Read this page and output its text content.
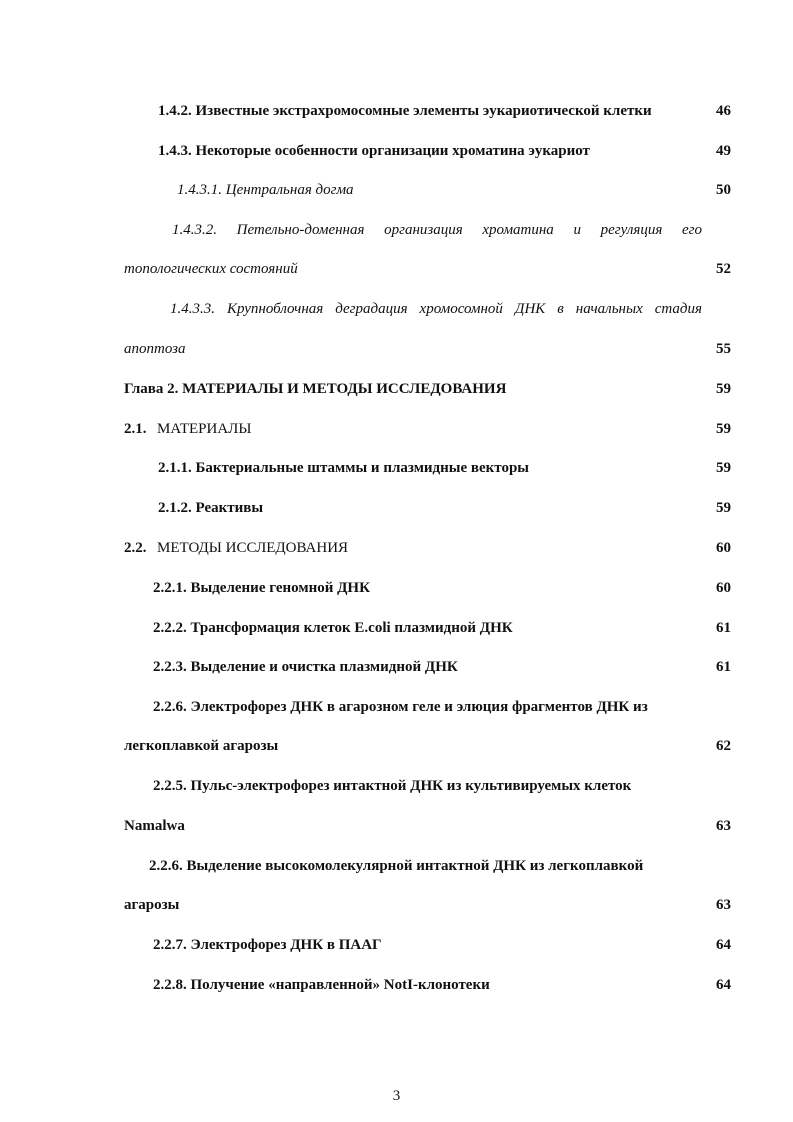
1.4.2. Известные экстрахромосомные элементы эукариотической клетки	46
1.4.3. Некоторые особенности организации хроматина эукариот	49
1.4.3.1. Центральная догма	50
1.4.3.2. Петельно-доменная организация хроматина и регуляция его
топологических состояний	52
1.4.3.3. Крупноблочная деградация хромосомной ДНК в начальных стадия
апоптоза	55
Глава 2. МАТЕРИАЛЫ И МЕТОДЫ ИССЛЕДОВАНИЯ	59
2.1. МАТЕРИАЛЫ	59
2.1.1. Бактериальные штаммы и плазмидные векторы	59
2.1.2. Реактивы	59
2.2. МЕТОДЫ ИССЛЕДОВАНИЯ	60
2.2.1. Выделение геномной ДНК	60
2.2.2. Трансформация клеток E.coli плазмидной ДНК	61
2.2.3. Выделение и очистка плазмидной ДНК	61
2.2.6. Электрофорез ДНК в агарозном геле и элюция фрагментов ДНК из
легкоплавкой агарозы	62
2.2.5. Пульс-электрофорез интактной ДНК из культивируемых клеток
Namalwa	63
2.2.6. Выделение высокомолекулярной интактной ДНК из легкоплавкой
агарозы	63
2.2.7. Электрофорез ДНК в ПААГ	64
2.2.8. Получение «направленной» NotI-клонотеки	64
3
